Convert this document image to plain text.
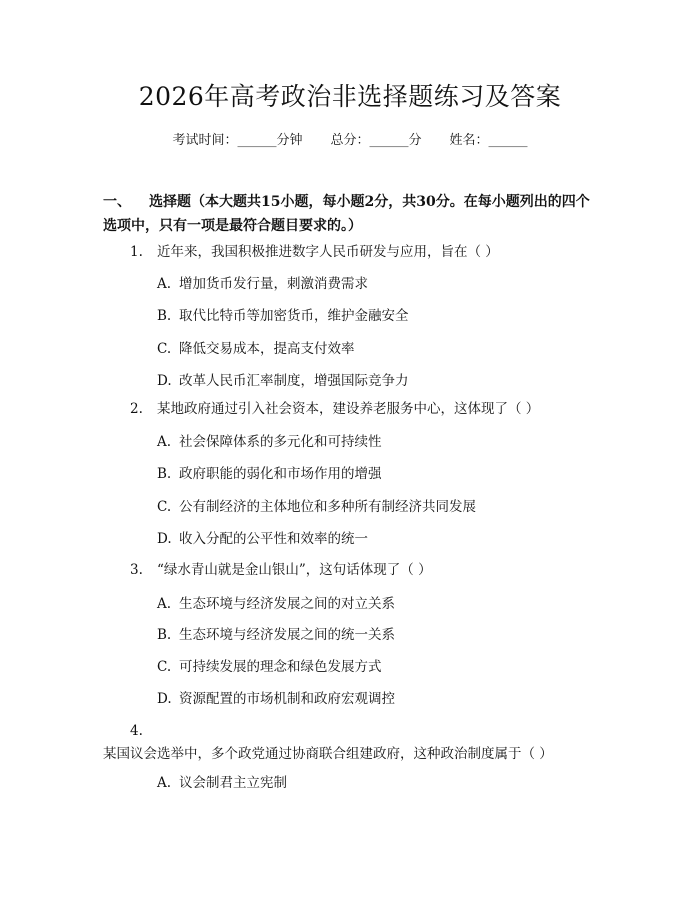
2026年高考政治非选择题练习及答案
考试时间：______分钟 总分：______分 姓名：______
一、 选择题（本大题共15小题，每小题2分，共30分。在每小题列出的四个选项中，只有一项是最符合题目要求的。）
1. 近年来，我国积极推进数字人民币研发与应用，旨在（ ）
A. 增加货币发行量，刺激消费需求
B. 取代比特币等加密货币，维护金融安全
C. 降低交易成本，提高支付效率
D. 改革人民币汇率制度，增强国际竞争力
2. 某地政府通过引入社会资本，建设养老服务中心，这体现了（ ）
A. 社会保障体系的多元化和可持续性
B. 政府职能的弱化和市场作用的增强
C. 公有制经济的主体地位和多种所有制经济共同发展
D. 收入分配的公平性和效率的统一
3. “绿水青山就是金山银山”，这句话体现了（ ）
A. 生态环境与经济发展之间的对立关系
B. 生态环境与经济发展之间的统一关系
C. 可持续发展的理念和绿色发展方式
D. 资源配置的市场机制和政府宏观调控
4.某国议会选举中，多个政党通过协商联合组建政府，这种政治制度属于（ ）
A. 议会制君主立宪制
